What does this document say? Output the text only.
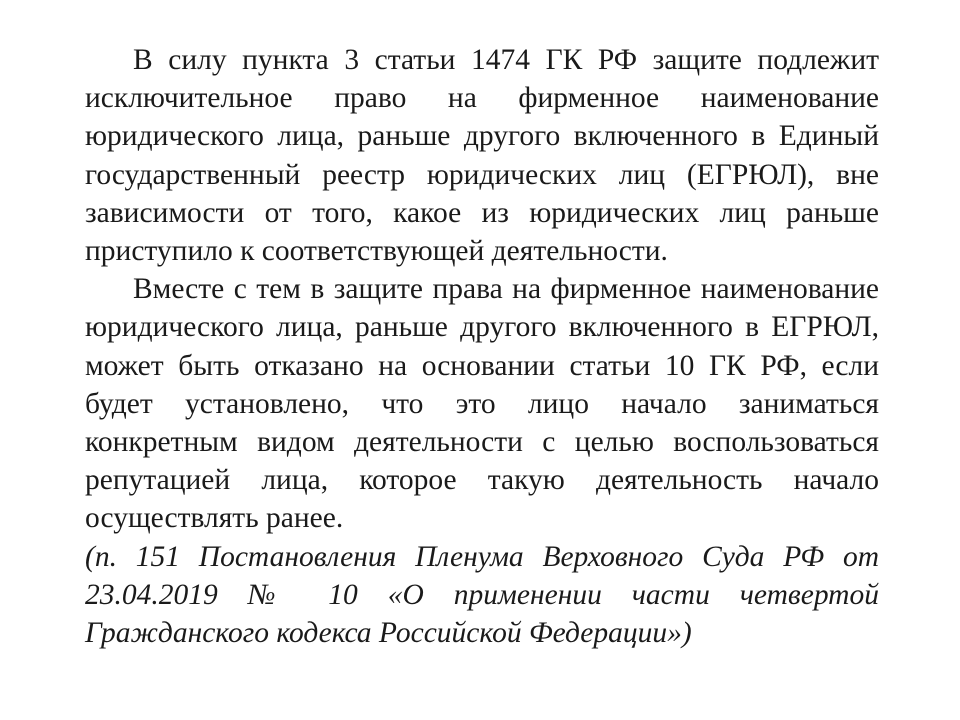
В силу пункта 3 статьи 1474 ГК РФ защите подлежит исключительное право на фирменное наименование юридического лица, раньше другого включенного в Единый государственный реестр юридических лиц (ЕГРЮЛ), вне зависимости от того, какое из юридических лиц раньше приступило к соответствующей деятельности.

Вместе с тем в защите права на фирменное наименование юридического лица, раньше другого включенного в ЕГРЮЛ, может быть отказано на основании статьи 10 ГК РФ, если будет установлено, что это лицо начало заниматься конкретным видом деятельности с целью воспользоваться репутацией лица, которое такую деятельность начало осуществлять ранее.

(п. 151 Постановления Пленума Верховного Суда РФ от 23.04.2019 № 10 «О применении части четвертой Гражданского кодекса Российской Федерации»)
